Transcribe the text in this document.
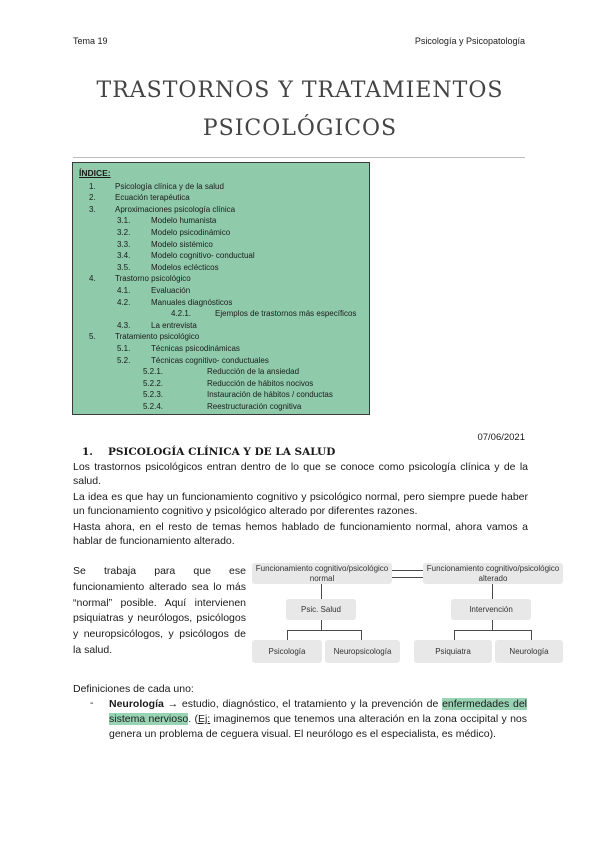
Tema 19	Psicología y Psicopatología
TRASTORNOS Y TRATAMIENTOS
PSICOLÓGICOS
ÍNDICE:
1. Psicología clínica y de la salud
2. Ecuación terapéutica
3. Aproximaciones psicología clínica
3.1.	Modelo humanista
3.2.	Modelo psicodinámico
3.3.	Modelo sistémico
3.4.	Modelo cognitivo- conductual
3.5.	Modelos eclécticos
4. Trastorno psicológico
4.1.	Evaluación
4.2.	Manuales diagnósticos
4.2.1.	Ejemplos de trastornos más específicos
4.3.	La entrevista
5. Tratamiento psicológico
5.1.	Técnicas psicodinámicas
5.2.	Técnicas cognitivo- conductuales
5.2.1.	Reducción de la ansiedad
5.2.2.	Reducción de hábitos nocivos
5.2.3.	Instauración de hábitos / conductas
5.2.4.	Reestructuración cognitiva
07/06/2021
1. PSICOLOGÍA CLÍNICA Y DE LA SALUD
Los trastornos psicológicos entran dentro de lo que se conoce como psicología clínica y de la salud.
La idea es que hay un funcionamiento cognitivo y psicológico normal, pero siempre puede haber un funcionamiento cognitivo y psicológico alterado por diferentes razones.
Hasta ahora, en el resto de temas hemos hablado de funcionamiento normal, ahora vamos a hablar de funcionamiento alterado.
Se trabaja para que ese funcionamiento alterado sea lo más “normal” posible. Aquí intervienen psiquiatras y neurólogos, psicólogos y neuropsicólogos, y psicólogos de la salud.
Funcionamiento cognitivo/psicológico normal
Funcionamiento cognitivo/psicológico alterado
Psic. Salud	Intervención
Psicología	Neuropsicología	Psiquiatra	Neurología
Definiciones de cada uno:
- Neurología → estudio, diagnóstico, el tratamiento y la prevención de enfermedades del sistema nervioso. (Ej: imaginemos que tenemos una alteración en la zona occipital y nos genera un problema de ceguera visual. El neurólogo es el especialista, es médico).
